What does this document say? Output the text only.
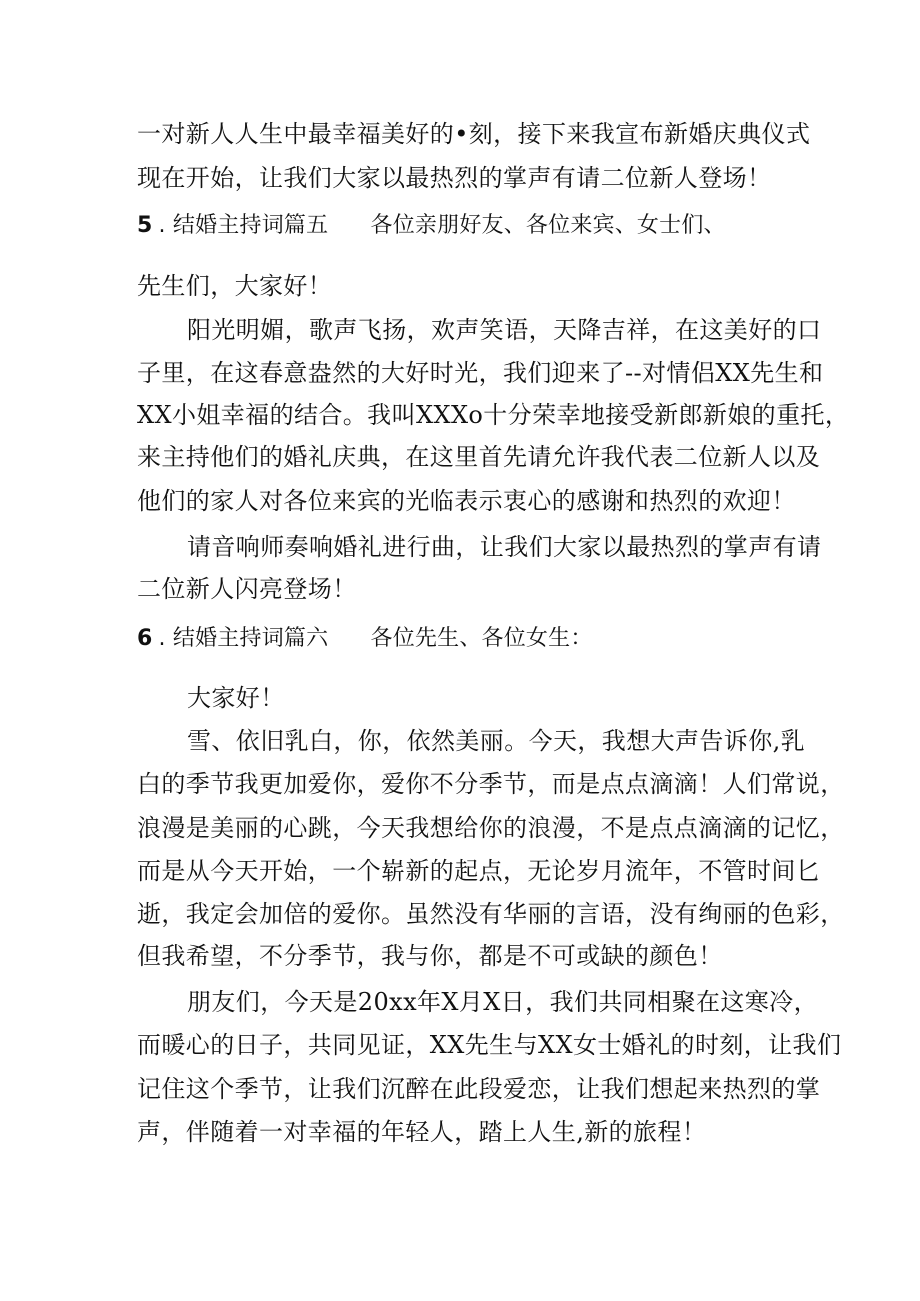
一对新人人生中最幸福美好的•刻，接下来我宣布新婚庆典仪式
现在开始，让我们大家以最热烈的掌声有请二位新人登场！
5 . 结婚主持词篇五 各位亲朋好友、各位来宾、女士们、
先生们，大家好！
阳光明媚，歌声飞扬，欢声笑语，天降吉祥，在这美好的口
子里，在这春意盎然的大好时光，我们迎来了--对情侣XX先生和
XX小姐幸福的结合。我叫XXXo十分荣幸地接受新郎新娘的重托，
来主持他们的婚礼庆典，在这里首先请允许我代表二位新人以及
他们的家人对各位来宾的光临表示衷心的感谢和热烈的欢迎！
请音响师奏响婚礼进行曲，让我们大家以最热烈的掌声有请
二位新人闪亮登场！
6 . 结婚主持词篇六 各位先生、各位女生：
大家好！
雪、依旧乳白，你，依然美丽。今天，我想大声告诉你,乳
白的季节我更加爱你，爱你不分季节，而是点点滴滴！人们常说，
浪漫是美丽的心跳，今天我想给你的浪漫，不是点点滴滴的记忆，
而是从今天开始，一个崭新的起点，无论岁月流年，不管时间匕
逝，我定会加倍的爱你。虽然没有华丽的言语，没有绚丽的色彩，
但我希望，不分季节，我与你，都是不可或缺的颜色！
朋友们，今天是20xx年X月X日，我们共同相聚在这寒冷，
而暖心的日子，共同见证，XX先生与XX女士婚礼的时刻，让我们
记住这个季节，让我们沉醉在此段爱恋，让我们想起来热烈的掌
声，伴随着一对幸福的年轻人，踏上人生,新的旅程！
